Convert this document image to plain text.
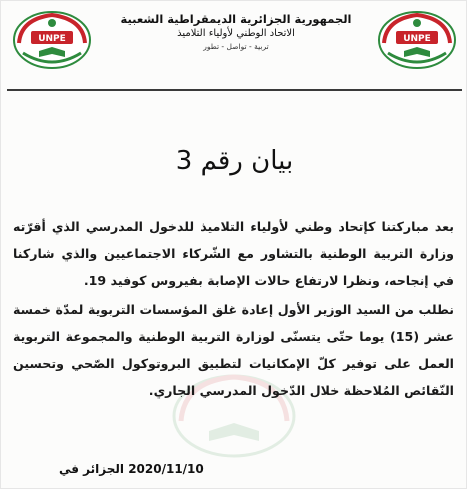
UNPE	UNPE
الجمهورية الجزائرية الديمقراطية الشعبية
الاتحاد الوطني لأولياء التلاميذ
تربية - تواصل - تطور
بيان رقم 3
بعد مباركتنا كإتحاد وطني لأولياء التلاميذ للدخول المدرسي الذي أقرّته وزارة التربية الوطنية بالتشاور مع الشّركاء الاجتماعيين والذي شاركنا في إنجاحه، ونظرا لارتفاع حالات الإصابة بفيروس كوفيد 19.
نطلب من السيد الوزير الأول إعادة غلق المؤسسات التربوية لمدّة خمسة عشر (15) يوما حتّى يتسنّى لوزارة التربية الوطنية والمجموعة التربوية العمل على توفير كلّ الإمكانيات لتطبيق البروتوكول الصّحي وتحسين النّقائص المُلاحظة خلال الدّخول المدرسي الجاري.
الجزائر في 2020/11/10
